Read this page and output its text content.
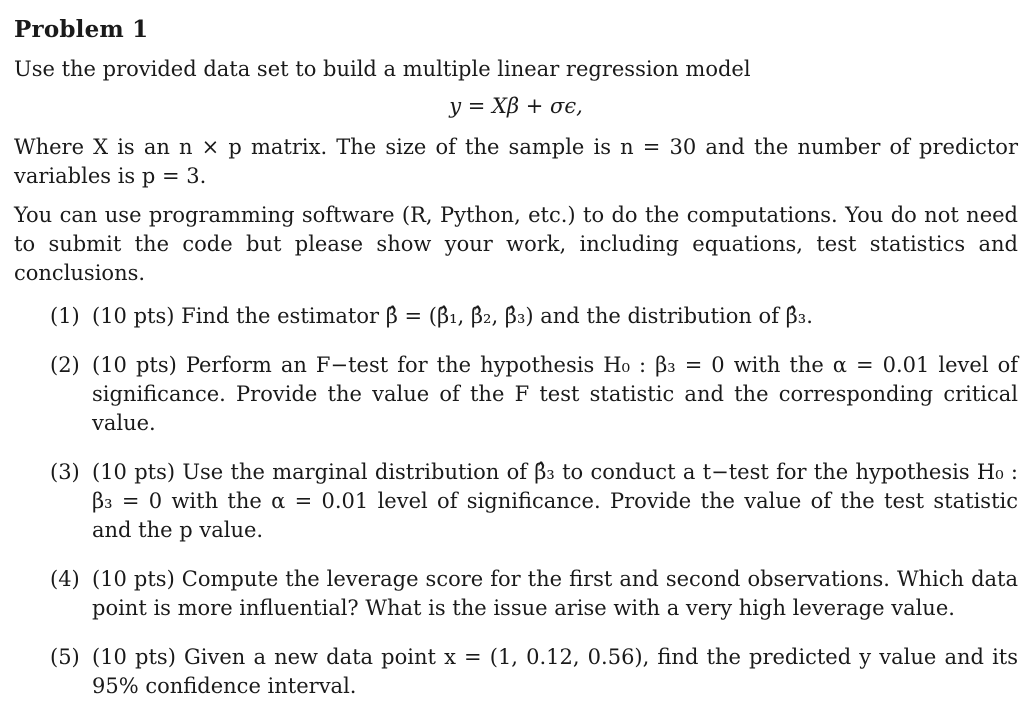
Problem 1
Use the provided data set to build a multiple linear regression model
y = Xβ + σϵ,
Where X is an n × p matrix. The size of the sample is n = 30 and the number of predictor variables is p = 3.
You can use programming software (R, Python, etc.) to do the computations. You do not need to submit the code but please show your work, including equations, test statistics and conclusions.
(1) (10 pts) Find the estimator β̂ = (β̂₁, β̂₂, β̂₃) and the distribution of β̂₃.
(2) (10 pts) Perform an F−test for the hypothesis H₀ : β₃ = 0 with the α = 0.01 level of significance. Provide the value of the F test statistic and the corresponding critical value.
(3) (10 pts) Use the marginal distribution of β̂₃ to conduct a t−test for the hypothesis H₀ : β₃ = 0 with the α = 0.01 level of significance. Provide the value of the test statistic and the p value.
(4) (10 pts) Compute the leverage score for the first and second observations. Which data point is more influential? What is the issue arise with a very high leverage value.
(5) (10 pts) Given a new data point x = (1, 0.12, 0.56), find the predicted y value and its 95% confidence interval.
